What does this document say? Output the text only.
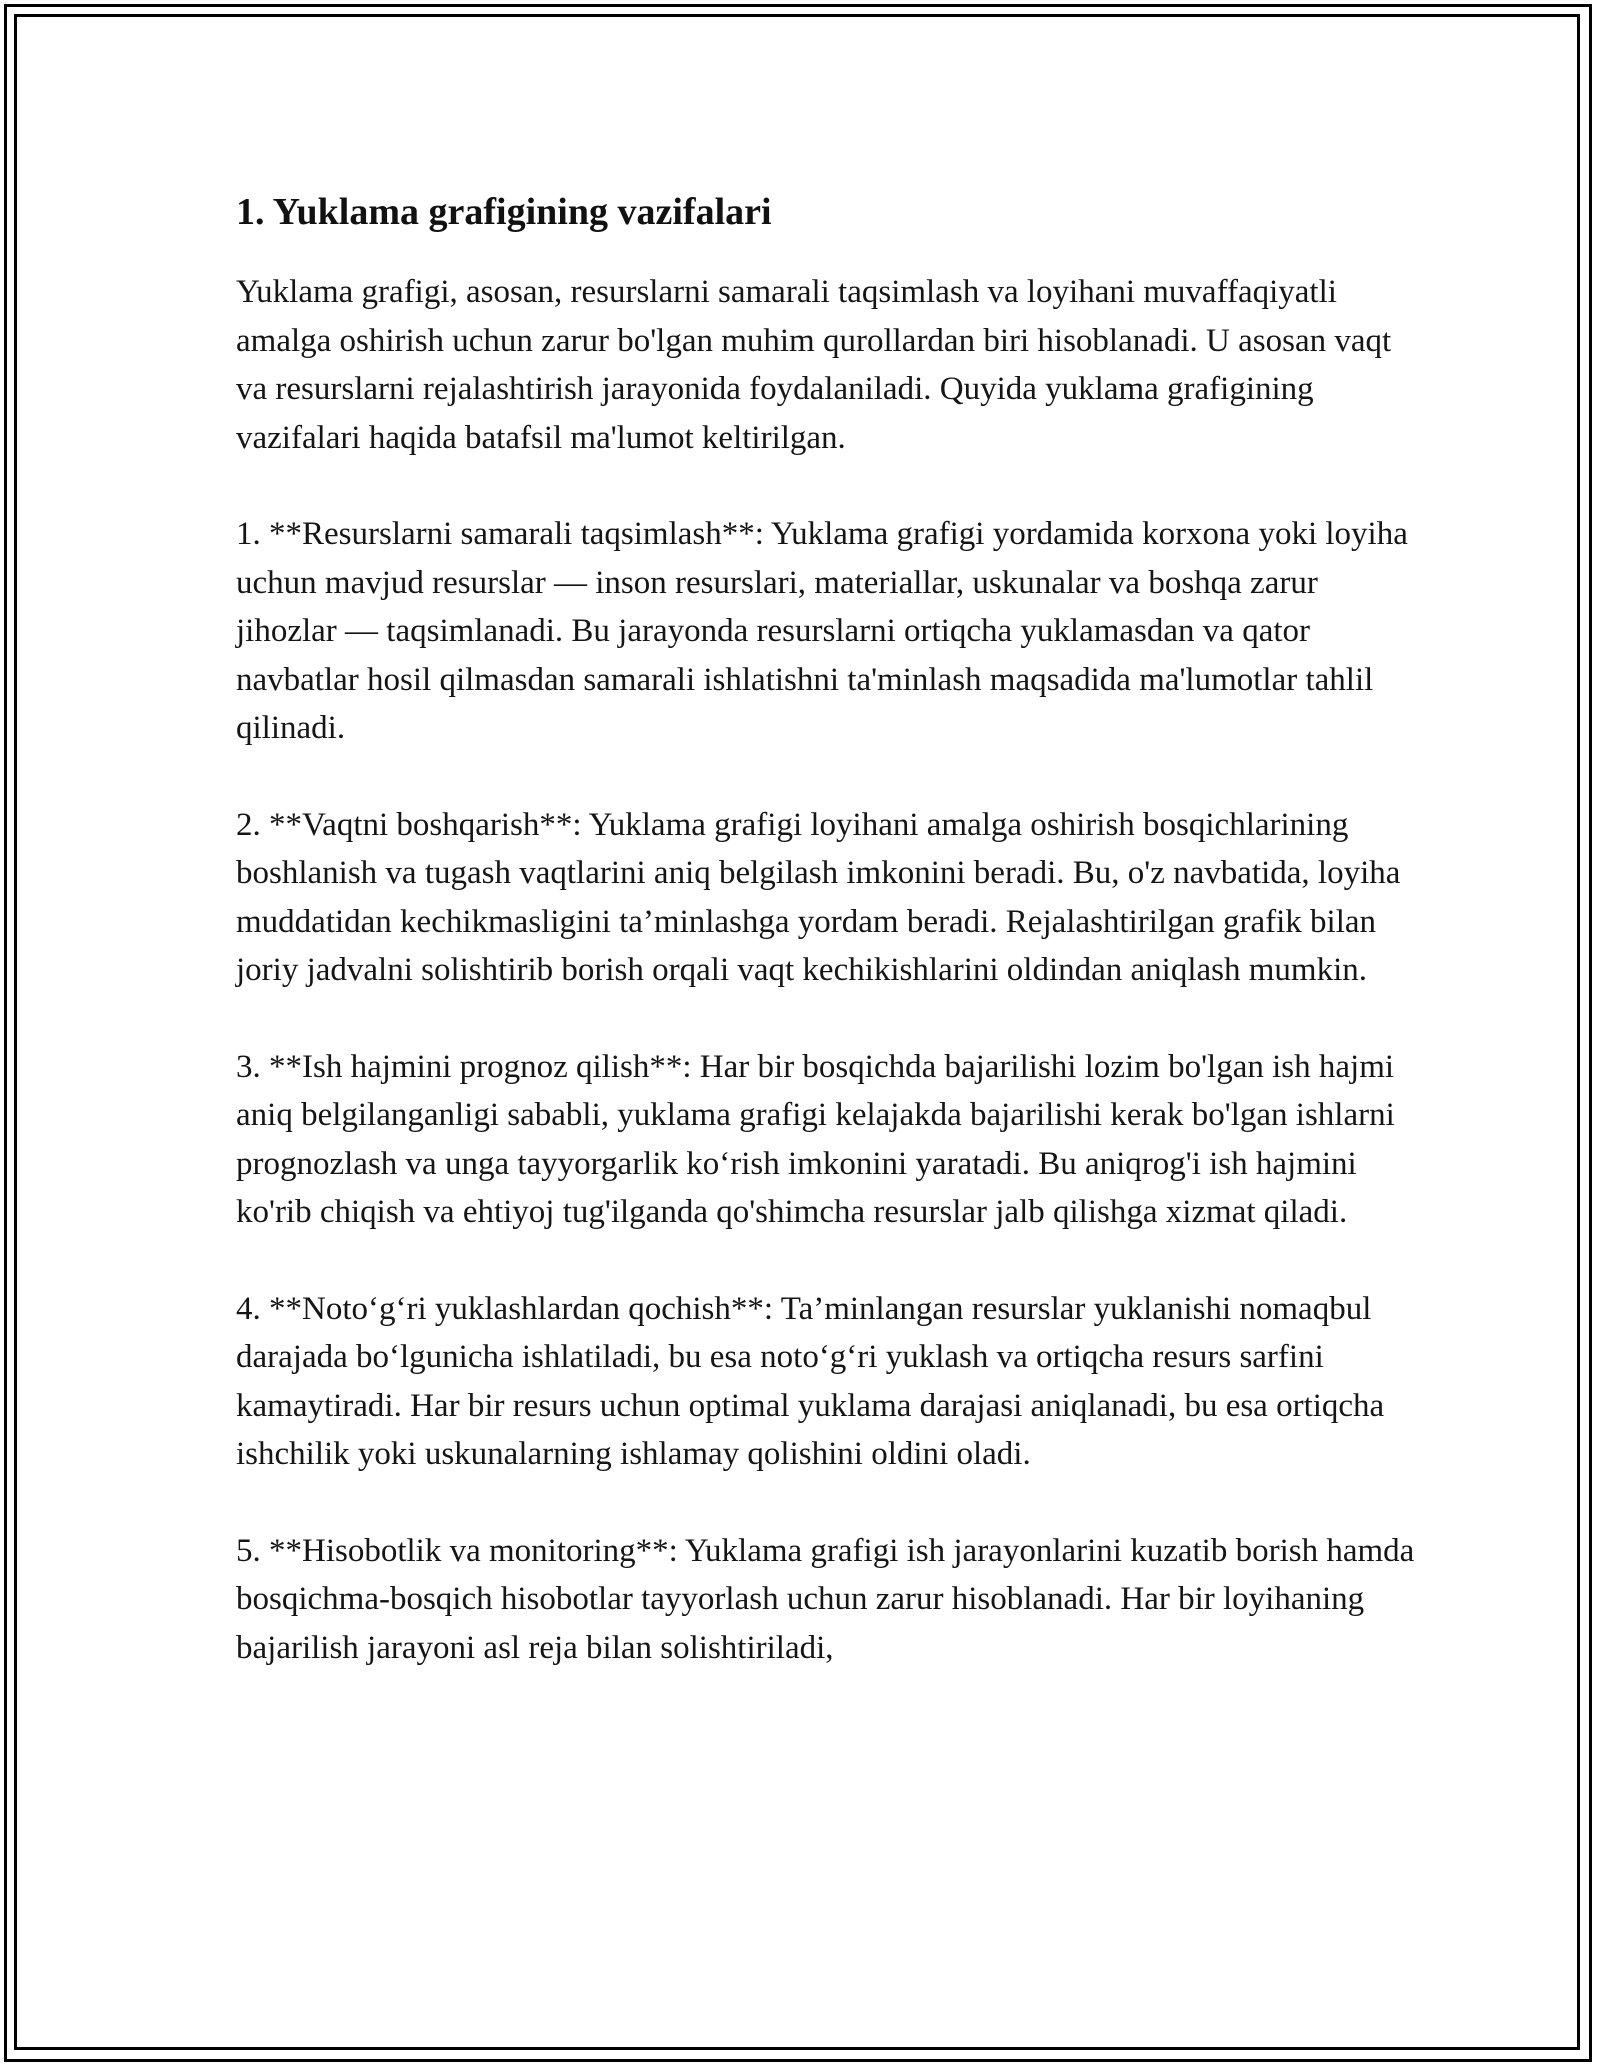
1. Yuklama grafigining vazifalari

Yuklama grafigi, asosan, resurslarni samarali taqsimlash va loyihani muvaffaqiyatli amalga oshirish uchun zarur bo'lgan muhim qurollardan biri hisoblanadi. U asosan vaqt va resurslarni rejalashtirish jarayonida foydalaniladi. Quyida yuklama grafigining vazifalari haqida batafsil ma'lumot keltirilgan.

1. **Resurslarni samarali taqsimlash**: Yuklama grafigi yordamida korxona yoki loyiha uchun mavjud resurslar — inson resurslari, materiallar, uskunalar va boshqa zarur jihozlar — taqsimlanadi. Bu jarayonda resurslarni ortiqcha yuklamasdan va qator navbatlar hosil qilmasdan samarali ishlatishni ta'minlash maqsadida ma'lumotlar tahlil qilinadi.

2. **Vaqtni boshqarish**: Yuklama grafigi loyihani amalga oshirish bosqichlarining boshlanish va tugash vaqtlarini aniq belgilash imkonini beradi. Bu, o'z navbatida, loyiha muddatidan kechikmasligini ta’minlashga yordam beradi. Rejalashtirilgan grafik bilan joriy jadvalni solishtirib borish orqali vaqt kechikishlarini oldindan aniqlash mumkin.

3. **Ish hajmini prognoz qilish**: Har bir bosqichda bajarilishi lozim bo'lgan ish hajmi aniq belgilanganligi sababli, yuklama grafigi kelajakda bajarilishi kerak bo'lgan ishlarni prognozlash va unga tayyorgarlik ko‘rish imkonini yaratadi. Bu aniqrog'i ish hajmini ko'rib chiqish va ehtiyoj tug'ilganda qo'shimcha resurslar jalb qilishga xizmat qiladi.

4. **Noto‘g‘ri yuklashlardan qochish**: Ta’minlangan resurslar yuklanishi nomaqbul darajada bo‘lgunicha ishlatiladi, bu esa noto‘g‘ri yuklash va ortiqcha resurs sarfini kamaytiradi. Har bir resurs uchun optimal yuklama darajasi aniqlanadi, bu esa ortiqcha ishchilik yoki uskunalarning ishlamay qolishini oldini oladi.

5. **Hisobotlik va monitoring**: Yuklama grafigi ish jarayonlarini kuzatib borish hamda bosqichma-bosqich hisobotlar tayyorlash uchun zarur hisoblanadi. Har bir loyihaning bajarilish jarayoni asl reja bilan solishtiriladi,
